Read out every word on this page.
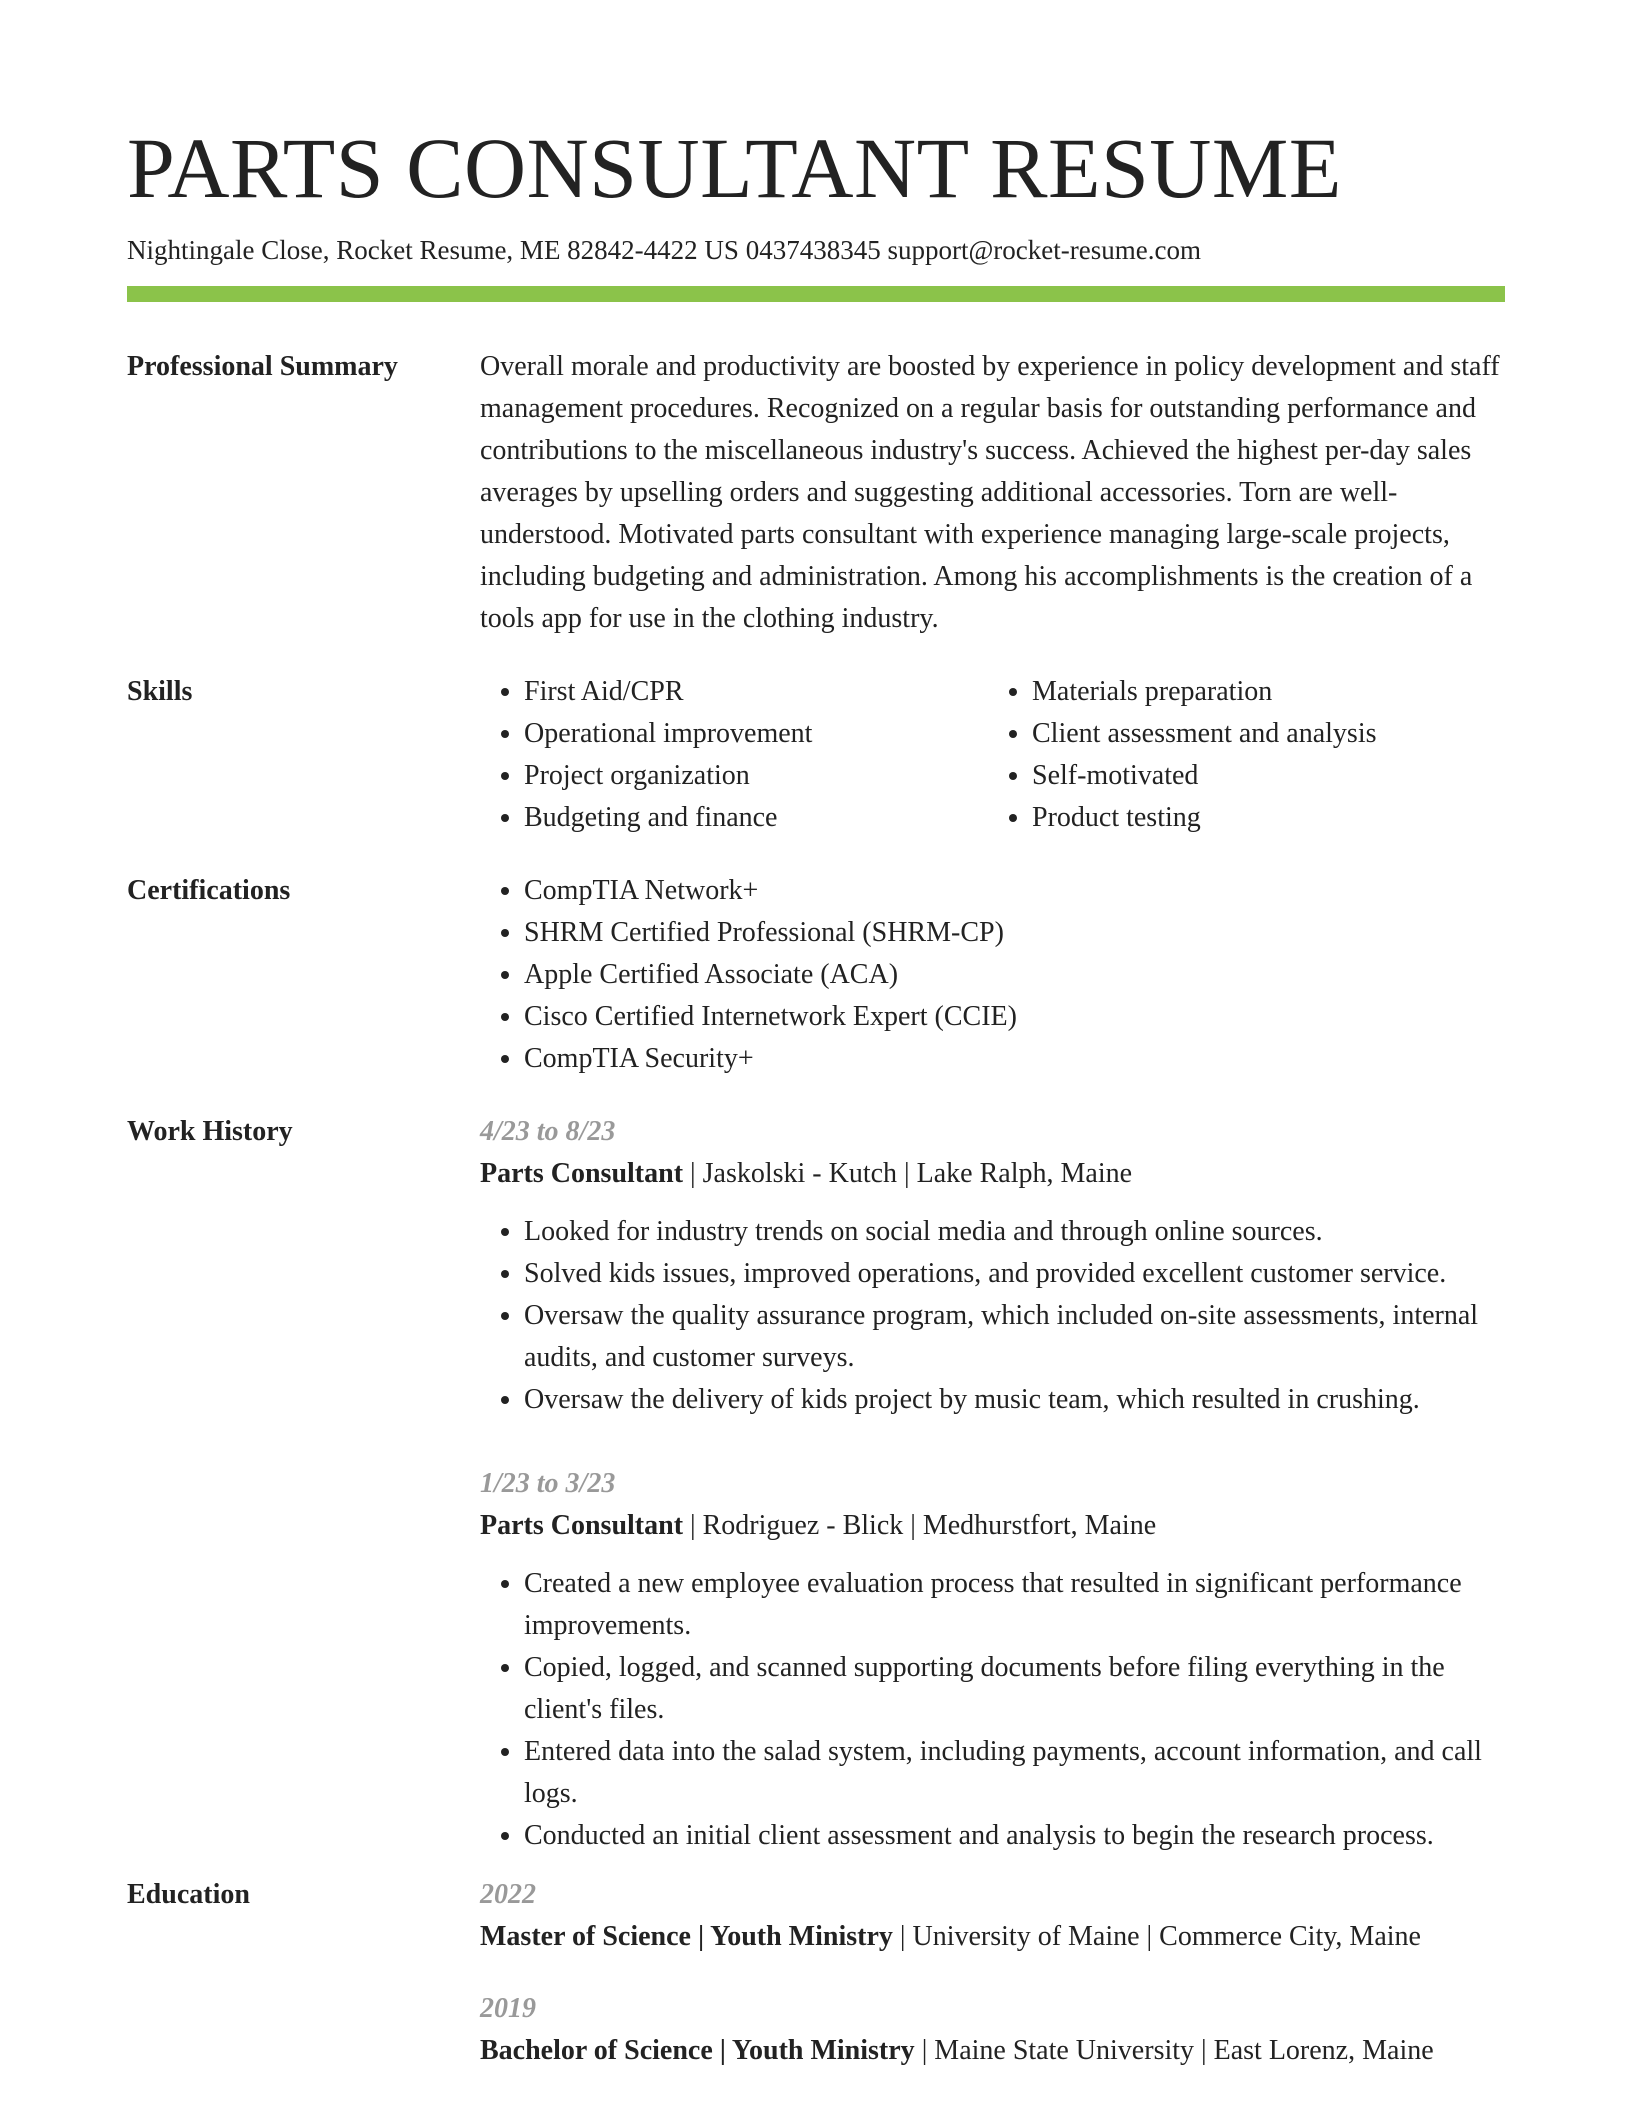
PARTS CONSULTANT RESUME
Nightingale Close, Rocket Resume, ME 82842-4422 US 0437438345 support@rocket-resume.com
Professional Summary	Overall morale and productivity are boosted by experience in policy development and staff management procedures. Recognized on a regular basis for outstanding performance and contributions to the miscellaneous industry's success. Achieved the highest per-day sales averages by upselling orders and suggesting additional accessories. Torn are well-understood. Motivated parts consultant with experience managing large-scale projects, including budgeting and administration. Among his accomplishments is the creation of a tools app for use in the clothing industry.

Skills	• First Aid/CPR
• Operational improvement
• Project organization
• Budgeting and finance
• Materials preparation
• Client assessment and analysis
• Self-motivated
• Product testing
Certifications	• CompTIA Network+
• SHRM Certified Professional (SHRM-CP)
• Apple Certified Associate (ACA)
• Cisco Certified Internetwork Expert (CCIE)
• CompTIA Security+
Work History	4/23 to 8/23
Parts Consultant | Jaskolski - Kutch | Lake Ralph, Maine
• Looked for industry trends on social media and through online sources.
• Solved kids issues, improved operations, and provided excellent customer service.
• Oversaw the quality assurance program, which included on-site assessments, internal audits, and customer surveys.
• Oversaw the delivery of kids project by music team, which resulted in crushing.
1/23 to 3/23
Parts Consultant | Rodriguez - Blick | Medhurstfort, Maine
• Created a new employee evaluation process that resulted in significant performance improvements.
• Copied, logged, and scanned supporting documents before filing everything in the client's files.
• Entered data into the salad system, including payments, account information, and call logs.
• Conducted an initial client assessment and analysis to begin the research process.
Education	2022
Master of Science | Youth Ministry | University of Maine | Commerce City, Maine
2019
Bachelor of Science | Youth Ministry | Maine State University | East Lorenz, Maine
